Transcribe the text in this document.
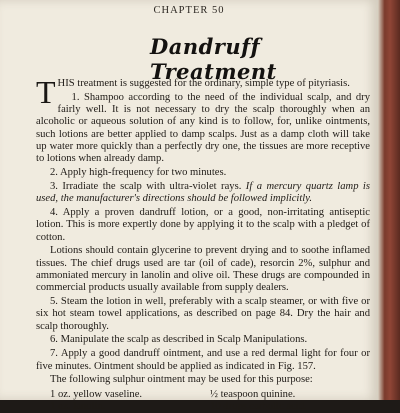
CHAPTER 50
Dandruff Treatment

THIS treatment is suggested for the ordinary, simple type of pityriasis.

1. Shampoo according to the need of the individual scalp, and dry fairly well. It is not necessary to dry the scalp thoroughly when an alcoholic or aqueous solution of any kind is to follow, for, unlike ointments, such lotions are better applied to damp scalps. Just as a damp cloth will take up water more quickly than a perfectly dry one, the tissues are more receptive to lotions when already damp.

2. Apply high-frequency for two minutes.

3. Irradiate the scalp with ultra-violet rays. If a mercury quartz lamp is used, the manufacturer's directions should be followed implicitly.

4. Apply a proven dandruff lotion, or a good, non-irritating antiseptic lotion. This is more expertly done by applying it to the scalp with a pledget of cotton.

Lotions should contain glycerine to prevent drying and to soothe inflamed tissues. The chief drugs used are tar (oil of cade), resorcin 2%, sulphur and ammoniated mercury in lanolin and olive oil. These drugs are compounded in commercial products usually available from supply dealers.

5. Steam the lotion in well, preferably with a scalp steamer, or with five or six hot steam towel applications, as described on page 84. Dry the hair and scalp thoroughly.

6. Manipulate the scalp as described in Scalp Manipulations.

7. Apply a good dandruff ointment, and use a red dermal light for four or five minutes. Ointment should be applied as indicated in Fig. 157.

The following sulphur ointment may be used for this purpose:

1 oz. yellow vaseline.	½ teaspoon quinine.
1 oz. lanolin.	10 drops carbolic acid.
